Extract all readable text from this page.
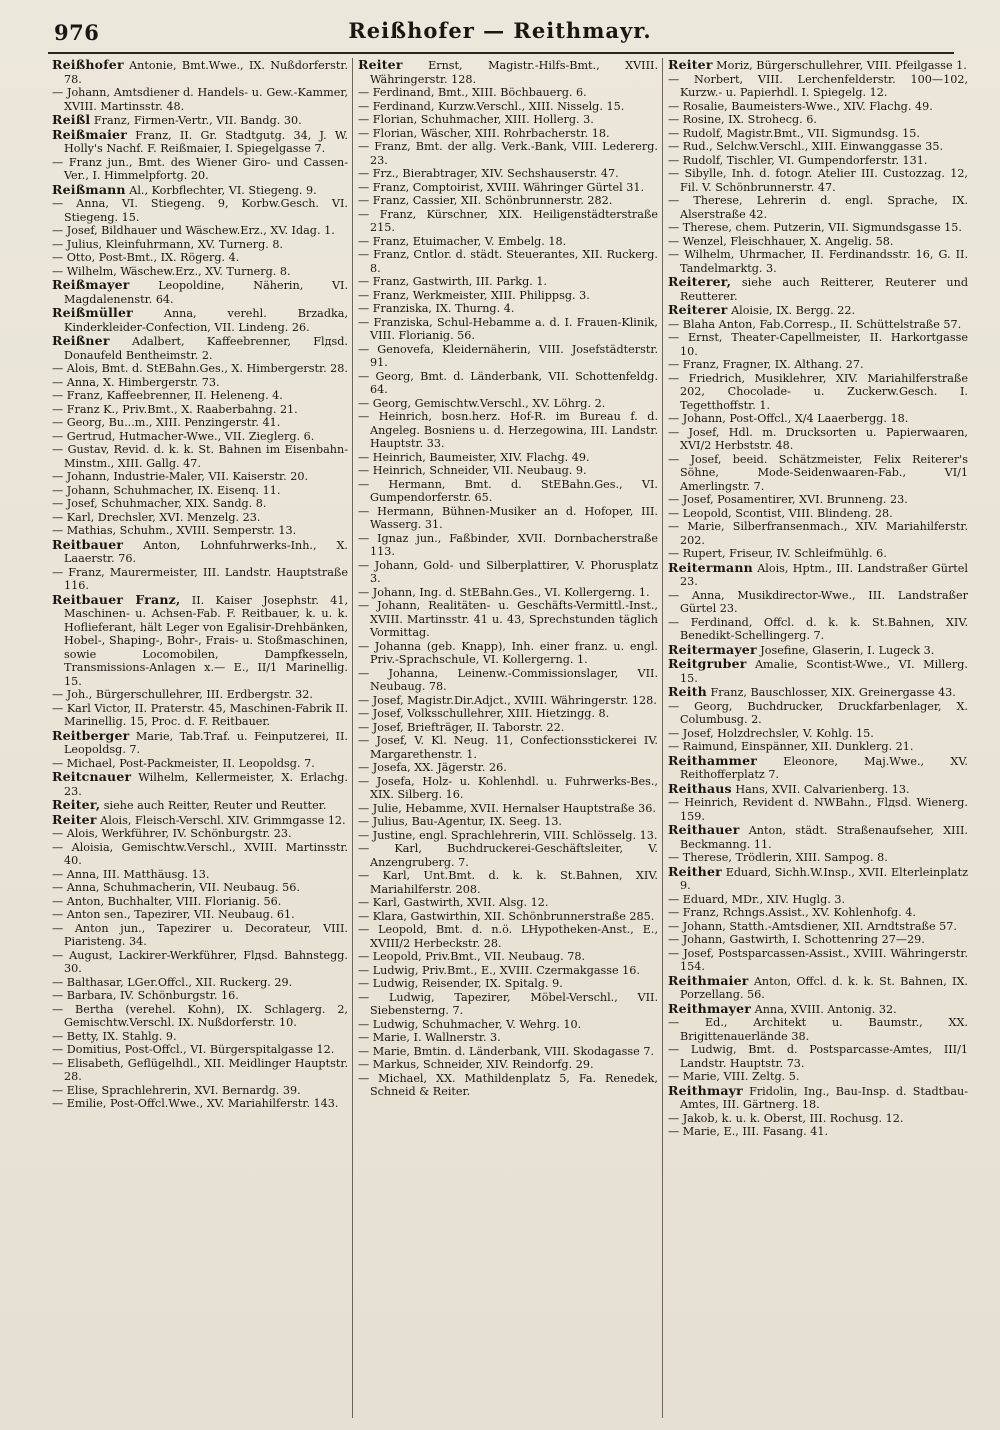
976	Reißhofer — Reithmayr.

Reißhofer Antonie, Bmt.Wwe., IX. Nußdorferstr. 78.

— Johann, Amtsdiener d. Handels- u. Gew.-Kammer, XVIII. Martinsstr. 48.

Reißl Franz, Firmen-Vertr., VII. Bandg. 30.

Reißmaier Franz, II. Gr. Stadtgutg. 34, J. W. Holly's Nachf. F. Reißmaier, I. Spiegelgasse 7.

— Franz jun., Bmt. des Wiener Giro- und Cassen-Ver., I. Himmelpfortg. 20.

Reißmann Al., Korbflechter, VI. Stiegeng. 9.

— Anna, VI. Stiegeng. 9, Korbw.Gesch. VI. Stiegeng. 15.

— Josef, Bildhauer und Wäschew.Erz., XV. Idag. 1.

— Julius, Kleinfuhrmann, XV. Turnerg. 8.

— Otto, Post-Bmt., IX. Rögerg. 4.

— Wilhelm, Wäschew.Erz., XV. Turnerg. 8.

Reißmayer Leopoldine, Näherin, VI. Magdalenenstr. 64.

Reißmüller Anna, verehl. Brzadka, Kinderkleider-Confection, VII. Lindeng. 26.

Reißner Adalbert, Kaffeebrenner, Flдsd. Donaufeld Bentheimstr. 2.

— Alois, Bmt. d. StEBahn.Ges., X. Himbergerstr. 28.

— Anna, X. Himbergerstr. 73.

— Franz, Kaffeebrenner, II. Heleneng. 4.

— Franz K., Priv.Bmt., X. Raaberbahng. 21.

— Georg, Bu...m., XIII. Penzingerstr. 41.

— Gertrud, Hutmacher-Wwe., VII. Zieglerg. 6.

— Gustav, Revid. d. k. k. St. Bahnen im Eisenbahn-Minstm., XIII. Gallg. 47.

— Johann, Industrie-Maler, VII. Kaiserstr. 20.

— Johann, Schuhmacher, IX. Eisenq. 11.

— Josef, Schuhmacher, XIX. Sandg. 8.

— Karl, Drechsler, XVI. Menzelg. 23.

— Mathias, Schuhm., XVIII. Semperstr. 13.

Reitbauer Anton, Lohnfuhrwerks-Inh., X. Laaerstr. 76.

— Franz, Maurermeister, III. Landstr. Hauptstraße 116.

Reitbauer Franz, II. Kaiser Josephstr. 41, Maschinen- u. Achsen-Fab. F. Reitbauer, k. u. k. Hoflieferant, hält Leger von Egalisir-Drehbänken, Hobel-, Shaping-, Bohr-, Frais- u. Stoßmaschinen, sowie Locomobilen, Dampfkesseln, Transmissions-Anlagen x.— E., II/1 Marinellig. 15.

— Joh., Bürgerschullehrer, III. Erdbergstr. 32.

— Karl Victor, II. Praterstr. 45, Maschinen-Fabrik II. Marinellig. 15, Proc. d. F. Reitbauer.

Reitberger Marie, Tab.Traf. u. Feinputzerei, II. Leopoldsg. 7.

— Michael, Post-Packmeister, II. Leopoldsg. 7.

Reitcnauer Wilhelm, Kellermeister, X. Erlachg. 23.

Reiter, siehe auch Reitter, Reuter und Reutter.

Reiter Alois, Fleisch-Verschl. XIV. Grimmgasse 12.

— Alois, Werkführer, IV. Schönburgstr. 23.

— Aloisia, Gemischtw.Verschl., XVIII. Martinsstr. 40.

— Anna, III. Matthäusg. 13.

— Anna, Schuhmacherin, VII. Neubaug. 56.

— Anton, Buchhalter, VIII. Florianig. 56.

— Anton sen., Tapezirer, VII. Neubaug. 61.

— Anton jun., Tapezirer u. Decorateur, VIII. Piaristeng. 34.

— August, Lackirer-Werkführer, Flдsd. Bahnstegg. 30.

— Balthasar, LGer.Offcl., XII. Ruckerg. 29.

— Barbara, IV. Schönburgstr. 16.

— Bertha (verehel. Kohn), IX. Schlagerg. 2, Gemischtw.Verschl. IX. Nußdorferstr. 10.

— Betty, IX. Stahlg. 9.

— Domitius, Post-Offcl., VI. Bürgerspitalgasse 12.

— Elisabeth, Geflügelhdl., XII. Meidlinger Hauptstr. 28.

— Elise, Sprachlehrerin, XVI. Bernardg. 39.

— Emilie, Post-Offcl.Wwe., XV. Mariahilferstr. 143.

Reiter Ernst, Magistr.-Hilfs-Bmt., XVIII. Währingerstr. 128.

— Ferdinand, Bmt., XIII. Böchbauerg. 6.

— Ferdinand, Kurzw.Verschl., XIII. Nisselg. 15.

— Florian, Schuhmacher, XIII. Hollerg. 3.

— Florian, Wäscher, XIII. Rohrbacherstr. 18.

— Franz, Bmt. der allg. Verk.-Bank, VIII. Ledererg. 23.

— Frz., Bierabtrager, XIV. Sechshauserstr. 47.

— Franz, Comptoirist, XVIII. Währinger Gürtel 31.

— Franz, Cassier, XII. Schönbrunnerstr. 282.

— Franz, Kürschner, XIX. Heiligenstädterstraße 215.

— Franz, Etuimacher, V. Embelg. 18.

— Franz, Cntlor. d. städt. Steuerantes, XII. Ruckerg. 8.

— Franz, Gastwirth, III. Parkg. 1.

— Franz, Werkmeister, XIII. Philippsg. 3.

— Franziska, IX. Thurng. 4.

— Franziska, Schul-Hebamme a. d. I. Frauen-Klinik, VIII. Florianig. 56.

— Genovefa, Kleidernäherin, VIII. Josefstädterstr. 91.

— Georg, Bmt. d. Länderbank, VII. Schottenfeldg. 64.

— Georg, Gemischtw.Verschl., XV. Löhrg. 2.

— Heinrich, bosn.herz. Hof-R. im Bureau f. d. Angeleg. Bosniens u. d. Herzegowina, III. Landstr. Hauptstr. 33.

— Heinrich, Baumeister, XIV. Flachg. 49.

— Heinrich, Schneider, VII. Neubaug. 9.

— Hermann, Bmt. d. StEBahn.Ges., VI. Gumpendorferstr. 65.

— Hermann, Bühnen-Musiker an d. Hofoper, III. Wasserg. 31.

— Ignaz jun., Faßbinder, XVII. Dornbacherstraße 113.

— Johann, Gold- und Silberplattirer, V. Phorusplatz 3.

— Johann, Ing. d. StEBahn.Ges., VI. Kollergerng. 1.

— Johann, Realitäten- u. Geschäfts-Vermittl.-Inst., XVIII. Martinsstr. 41 u. 43, Sprechstunden täglich Vormittag.

— Johanna (geb. Knapp), Inh. einer franz. u. engl. Priv.-Sprachschule, VI. Kollergerng. 1.

— Johanna, Leinenw.-Commissionslager, VII. Neubaug. 78.

— Josef, Magistr.Dir.Adjct., XVIII. Währingerstr. 128.

— Josef, Volksschullehrer, XIII. Hietzingg. 8.

— Josef, Briefträger, II. Taborstr. 22.

— Josef, V. Kl. Neug. 11, Confectionsstickerei IV. Margarethenstr. 1.

— Josefa, XX. Jägerstr. 26.

— Josefa, Holz- u. Kohlenhdl. u. Fuhrwerks-Bes., XIX. Silberg. 16.

— Julie, Hebamme, XVII. Hernalser Hauptstraße 36.

— Julius, Bau-Agentur, IX. Seeg. 13.

— Justine, engl. Sprachlehrerin, VIII. Schlösselg. 13.

— Karl, Buchdruckerei-Geschäftsleiter, V. Anzengruberg. 7.

— Karl, Unt.Bmt. d. k. k. St.Bahnen, XIV. Mariahilferstr. 208.

— Karl, Gastwirth, XVII. Alsg. 12.

— Klara, Gastwirthin, XII. Schönbrunnerstraße 285.

— Leopold, Bmt. d. n.ö. LHypotheken-Anst., E., XVIII/2 Herbeckstr. 28.

— Leopold, Priv.Bmt., VII. Neubaug. 78.

— Ludwig, Priv.Bmt., E., XVIII. Czermakgasse 16.

— Ludwig, Reisender, IX. Spitalg. 9.

— Ludwig, Tapezirer, Möbel-Verschl., VII. Siebensterng. 7.

— Ludwig, Schuhmacher, V. Wehrg. 10.

— Marie, I. Wallnerstr. 3.

— Marie, Bmtin. d. Länderbank, VIII. Skodagasse 7.

— Markus, Schneider, XIV. Reindorfg. 29.

— Michael, XX. Mathildenplatz 5, Fa. Renedek, Schneid & Reiter.

Reiter Moriz, Bürgerschullehrer, VIII. Pfeilgasse 1.

— Norbert, VIII. Lerchenfelderstr. 100—102, Kurzw.- u. Papierhdl. I. Spiegelg. 12.

— Rosalie, Baumeisters-Wwe., XIV. Flachg. 49.

— Rosine, IX. Strohecg. 6.

— Rudolf, Magistr.Bmt., VII. Sigmundsg. 15.

— Rud., Selchw.Verschl., XIII. Einwanggasse 35.

— Rudolf, Tischler, VI. Gumpendorferstr. 131.

— Sibylle, Inh. d. fotogr. Atelier III. Custozzag. 12, Fil. V. Schönbrunnerstr. 47.

— Therese, Lehrerin d. engl. Sprache, IX. Alserstraße 42.

— Therese, chem. Putzerin, VII. Sigmundsgasse 15.

— Wenzel, Fleischhauer, X. Angelig. 58.

— Wilhelm, Uhrmacher, II. Ferdinandsstr. 16, G. II. Tandelmarktg. 3.

Reiterer, siehe auch Reitterer, Reuterer und Reutterer.

Reiterer Aloisie, IX. Bergg. 22.

— Blaha Anton, Fab.Corresp., II. Schüttelstraße 57.

— Ernst, Theater-Capellmeister, II. Harkortgasse 10.

— Franz, Fragner, IX. Althang. 27.

— Friedrich, Musiklehrer, XIV. Mariahilferstraße 202, Chocolade- u. Zuckerw.Gesch. I. Tegetthoffstr. 1.

— Johann, Post-Offcl., X/4 Laaerbergg. 18.

— Josef, Hdl. m. Drucksorten u. Papierwaaren, XVI/2 Herbststr. 48.

— Josef, beeid. Schätzmeister, Felix Reiterer's Söhne, Mode-Seidenwaaren-Fab., VI/1 Amerlingstr. 7.

— Josef, Posamentirer, XVI. Brunneng. 23.

— Leopold, Scontist, VIII. Blindeng. 28.

— Marie, Silberfransenmach., XIV. Mariahilferstr. 202.

— Rupert, Friseur, IV. Schleifmühlg. 6.

Reitermann Alois, Hptm., III. Landstraßer Gürtel 23.

— Anna, Musikdirector-Wwe., III. Landstraßer Gürtel 23.

— Ferdinand, Offcl. d. k. k. St.Bahnen, XIV. Benedikt-Schellingerg. 7.

Reitermayer Josefine, Glaserin, I. Lugeck 3.

Reitgruber Amalie, Scontist-Wwe., VI. Millerg. 15.

Reith Franz, Bauschlosser, XIX. Greinergasse 43.

— Georg, Buchdrucker, Druckfarbenlager, X. Columbusg. 2.

— Josef, Holzdrechsler, V. Kohlg. 15.

— Raimund, Einspänner, XII. Dunklerg. 21.

Reithammer Eleonore, Maj.Wwe., XV. Reithofferplatz 7.

Reithaus Hans, XVII. Calvarienberg. 13.

— Heinrich, Revident d. NWBahn., Flдsd. Wienerg. 159.

Reithauer Anton, städt. Straßenaufseher, XIII. Beckmanng. 11.

— Therese, Trödlerin, XIII. Sampog. 8.

Reither Eduard, Sichh.W.Insp., XVII. Elterleinplatz 9.

— Eduard, MDr., XIV. Huglg. 3.

— Franz, Rchngs.Assist., XV. Kohlenhofg. 4.

— Johann, Statth.-Amtsdiener, XII. Arndtstraße 57.

— Johann, Gastwirth, I. Schottenring 27—29.

— Josef, Postsparcassen-Assist., XVIII. Währingerstr. 154.

Reithmaier Anton, Offcl. d. k. k. St. Bahnen, IX. Porzellang. 56.

Reithmayer Anna, XVIII. Antonig. 32.

— Ed., Architekt u. Baumstr., XX. Brigittenauerlände 38.

— Ludwig, Bmt. d. Postsparcasse-Amtes, III/1 Landstr. Hauptstr. 73.

— Marie, VIII. Zeltg. 5.

Reithmayr Fridolin, Ing., Bau-Insp. d. Stadtbau-Amtes, III. Gärtnerg. 18.

— Jakob, k. u. k. Oberst, III. Rochusg. 12.

— Marie, E., III. Fasang. 41.
